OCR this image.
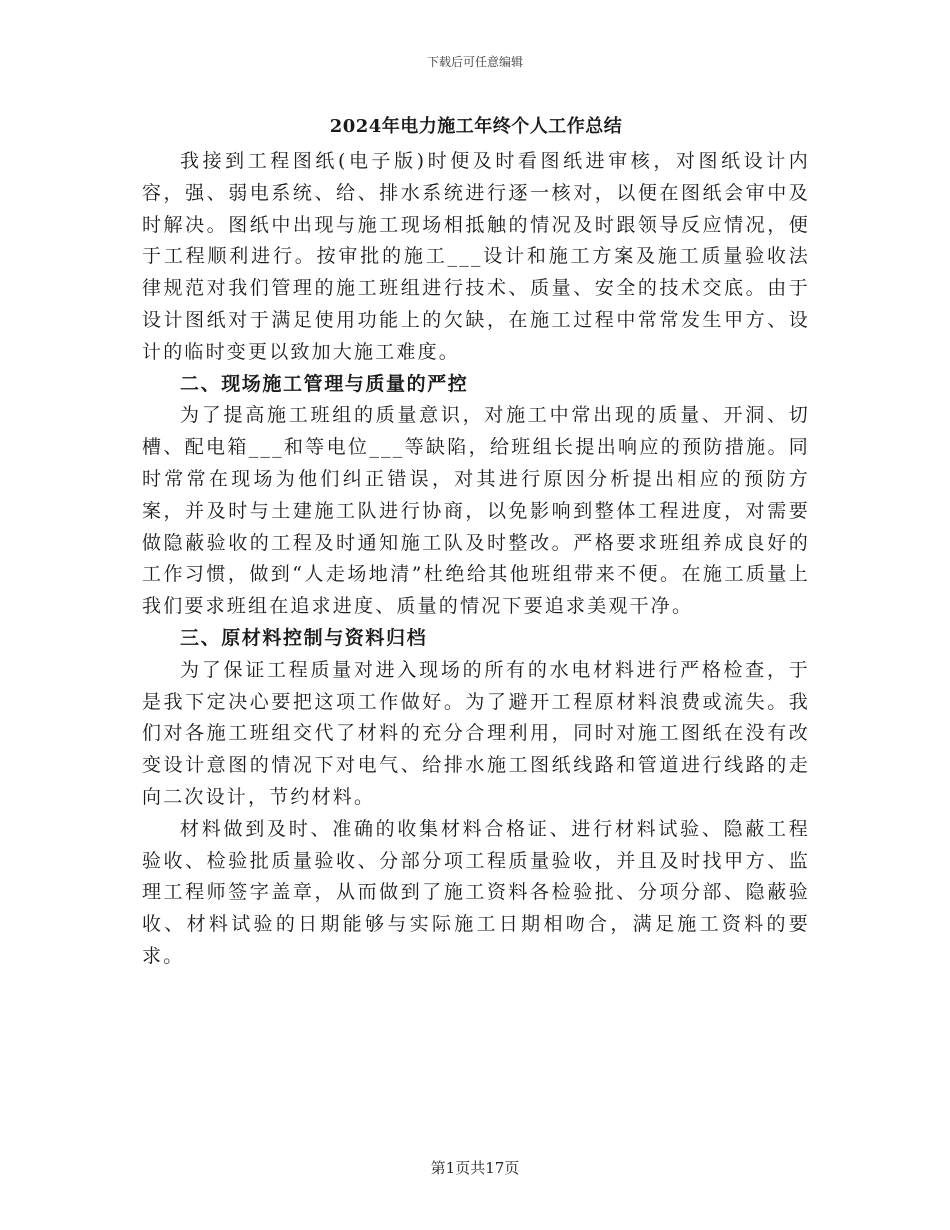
下载后可任意编辑
2024年电力施工年终个人工作总结

我接到工程图纸(电子版)时便及时看图纸进审核，对图纸设计内容，强、弱电系统、给、排水系统进行逐一核对，以便在图纸会审中及时解决。图纸中出现与施工现场相抵触的情况及时跟领导反应情况，便于工程顺利进行。按审批的施工___设计和施工方案及施工质量验收法律规范对我们管理的施工班组进行技术、质量、安全的技术交底。由于设计图纸对于满足使用功能上的欠缺，在施工过程中常常发生甲方、设计的临时变更以致加大施工难度。

二、现场施工管理与质量的严控

为了提高施工班组的质量意识，对施工中常出现的质量、开洞、切槽、配电箱___和等电位___等缺陷，给班组长提出响应的预防措施。同时常常在现场为他们纠正错误，对其进行原因分析提出相应的预防方案，并及时与土建施工队进行协商，以免影响到整体工程进度，对需要做隐蔽验收的工程及时通知施工队及时整改。严格要求班组养成良好的工作习惯，做到“人走场地清”杜绝给其他班组带来不便。在施工质量上我们要求班组在追求进度、质量的情况下要追求美观干净。

三、原材料控制与资料归档

为了保证工程质量对进入现场的所有的水电材料进行严格检查，于是我下定决心要把这项工作做好。为了避开工程原材料浪费或流失。我们对各施工班组交代了材料的充分合理利用，同时对施工图纸在没有改变设计意图的情况下对电气、给排水施工图纸线路和管道进行线路的走向二次设计，节约材料。

材料做到及时、准确的收集材料合格证、进行材料试验、隐蔽工程验收、检验批质量验收、分部分项工程质量验收，并且及时找甲方、监理工程师签字盖章，从而做到了施工资料各检验批、分项分部、隐蔽验收、材料试验的日期能够与实际施工日期相吻合，满足施工资料的要求。

第1页共17页
